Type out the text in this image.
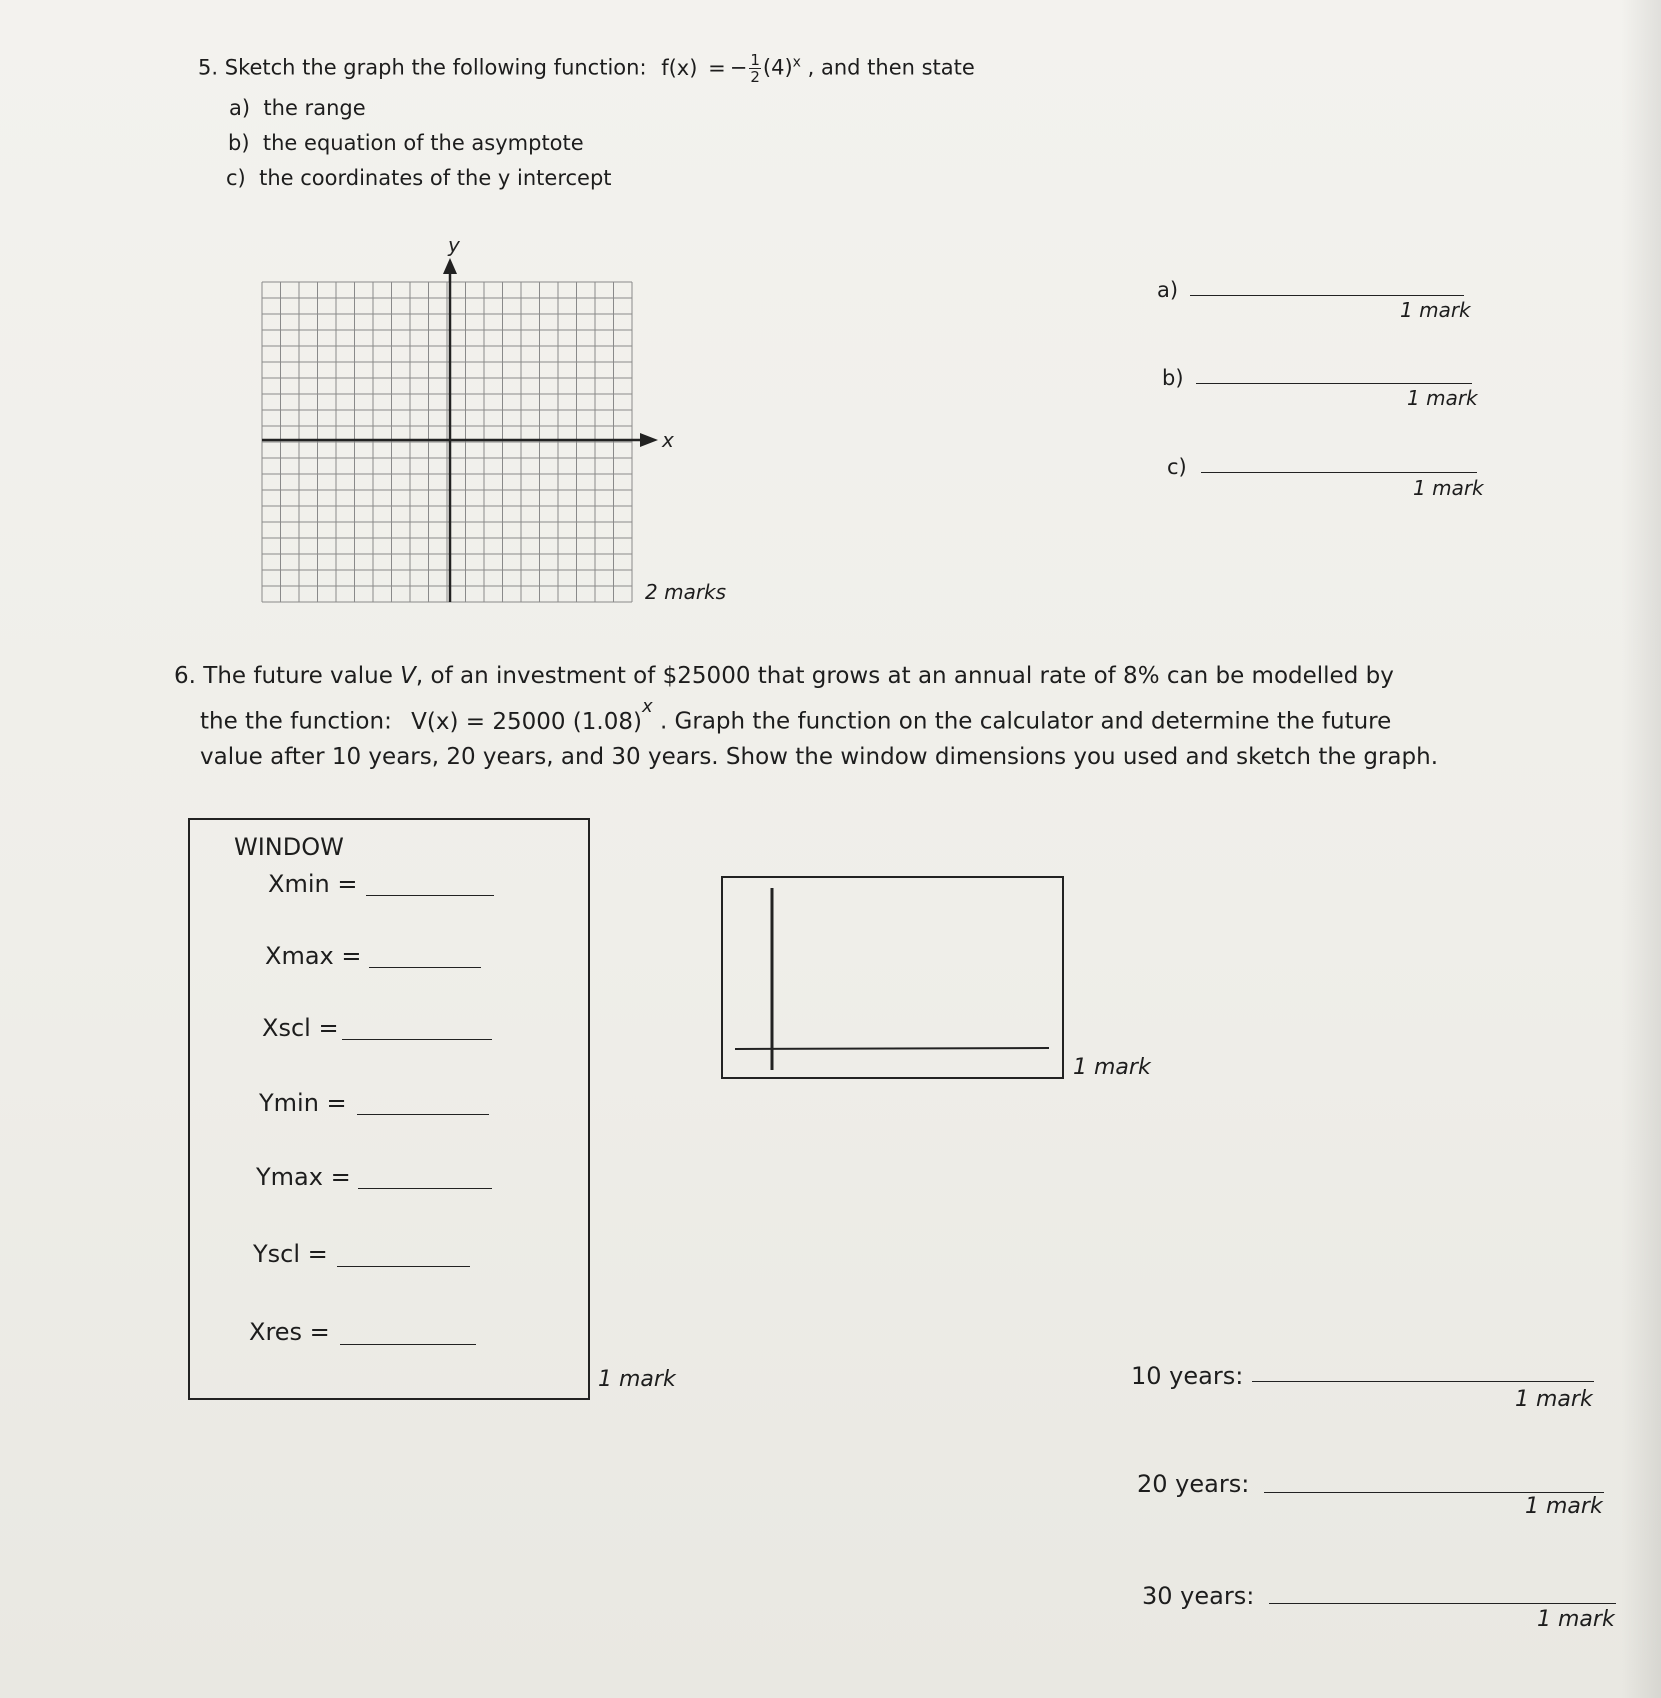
5. Sketch the graph the following function: f(x) = − $\frac{1}{2} (4)^x$ , and then state
a) the range
b) the equation of the asymptote
c) the coordinates of the y intercept
y
x
2 marks
a)
1 mark
b)
1 mark
c)
1 mark
6. The future value V, of an investment of $25000 that grows at an annual rate of 8% can be modelled by
the the function: V(x) = 25000 $(1.08)^x$ . Graph the function on the calculator and determine the future
value after 10 years, 20 years, and 30 years. Show the window dimensions you used and sketch the graph.
WINDOW
Xmin =
Xmax =
Xscl =
Ymin =
Ymax =
Yscl =
Xres =
1 mark
1 mark
10 years:
1 mark
20 years:
1 mark
30 years:
1 mark
